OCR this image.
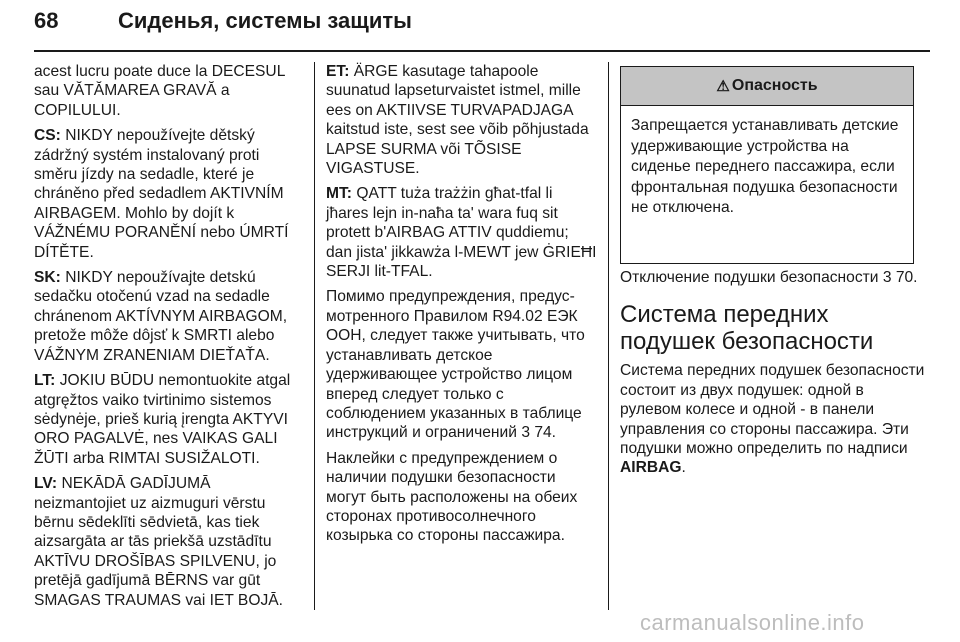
68	Сиденья, системы защиты

acest lucru poate duce la DECESUL sau VĂTĂMAREA GRAVĂ a COPILULUI.

CS: NIKDY nepoužívejte dětský zádržný systém instalovaný proti směru jízdy na sedadle, které je chráněno před sedadlem AKTIVNÍM AIRBAGEM. Mohlo by dojít k VÁŽNÉMU PORANĚNÍ nebo ÚMRTÍ DÍTĚTE.

SK: NIKDY nepoužívajte detskú sedačku otočenú vzad na sedadle chránenom AKTÍVNYM AIRBAGOM, pretože môže dôjsť k SMRTI alebo VÁŽNYM ZRANENIAM DIEŤAŤA.

LT: JOKIU BŪDU nemontuokite atgal atgręžtos vaiko tvirtinimo sistemos sėdynėje, prieš kurią įrengta AKTYVI ORO PAGALVĖ, nes VAIKAS GALI ŽŪTI arba RIMTAI SUSIŽALOTI.

LV: NEKĀDĀ GADĪJUMĀ neizmantojiet uz aizmuguri vērstu bērnu sēdeklīti sēdvietā, kas tiek aizsargāta ar tās priekšā uzstādītu AKTĪVU DROŠĪBAS SPILVENU, jo pretējā gadījumā BĒRNS var gūt SMAGAS TRAUMAS vai IET BOJĀ.

ET: ÄRGE kasutage tahapoole suunatud lapseturvaistet istmel, mille ees on AKTIIVSE TURVAPADJAGA kaitstud iste, sest see võib põhjustada LAPSE SURMA või TÕSISE VIGASTUSE.

MT: QATT tuża trażżin għat-tfal li jħares lejn in-naħa ta' wara fuq sit protett b'AIRBAG ATTIV quddiemu; dan jista' jikkawża l-MEWT jew ĠRIEĦI SERJI lit-TFAL.

Помимо предупреждения, предусмотренного Правилом R94.02 ЕЭК ООН, следует также учитывать, что устанавливать детское удерживающее устройство лицом вперед следует только с соблюдением указанных в таблице инструкций и ограничений 3 74.

Наклейки с предупреждением о наличии подушки безопасности могут быть расположены на обеих сторонах противосолнечного козырька со стороны пассажира.

⚠ Опасность
Запрещается устанавливать детские удерживающие устройства на сиденье переднего пассажира, если фронтальная подушка безопасности не отключена.

Отключение подушки безопасности 3 70.

Система передних подушек безопасности

Система передних подушек безопасности состоит из двух подушек: одной в рулевом колесе и одной - в панели управления со стороны пассажира. Эти подушки можно определить по надписи AIRBAG.

carmanualsonline.info
